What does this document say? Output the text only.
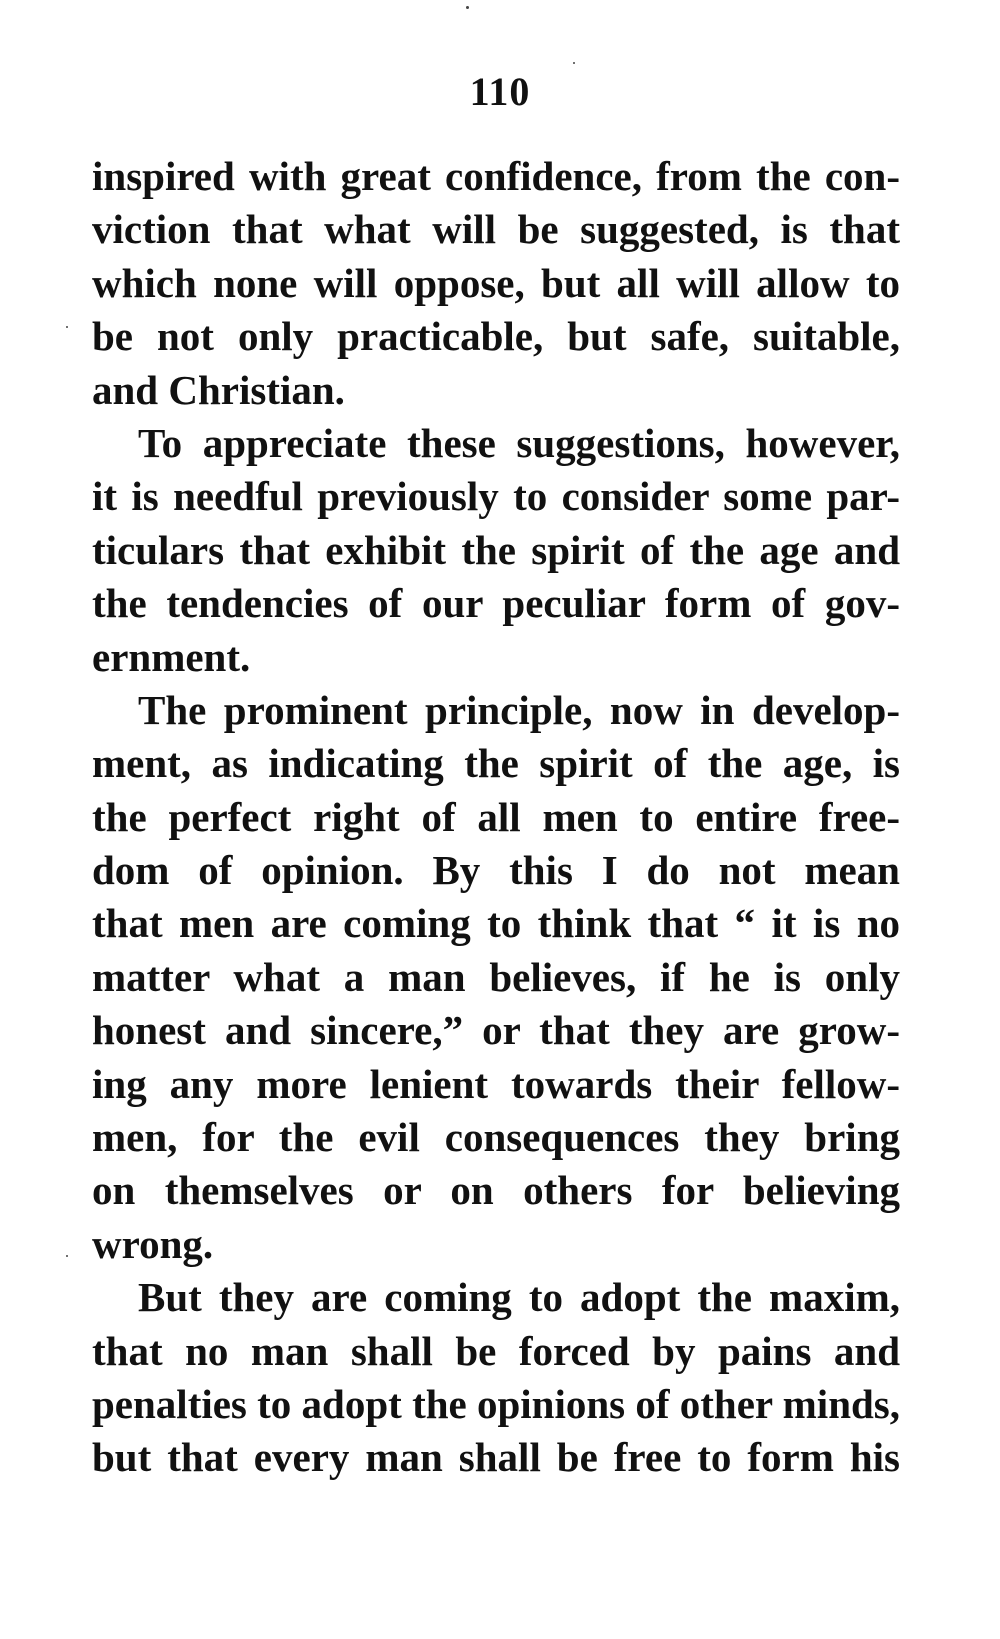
110
inspired with great confidence, from the con-
viction that what will be suggested, is that
which none will oppose, but all will allow to
be not only practicable, but safe, suitable,
and Christian.
To appreciate these suggestions, however,
it is needful previously to consider some par-
ticulars that exhibit the spirit of the age and
the tendencies of our peculiar form of gov-
ernment.
The prominent principle, now in develop-
ment, as indicating the spirit of the age, is
the perfect right of all men to entire free-
dom of opinion. By this I do not mean
that men are coming to think that “ it is no
matter what a man believes, if he is only
honest and sincere,” or that they are grow-
ing any more lenient towards their fellow-
men, for the evil consequences they bring
on themselves or on others for believing
wrong.
But they are coming to adopt the maxim,
that no man shall be forced by pains and
penalties to adopt the opinions of other minds,
but that every man shall be free to form his
